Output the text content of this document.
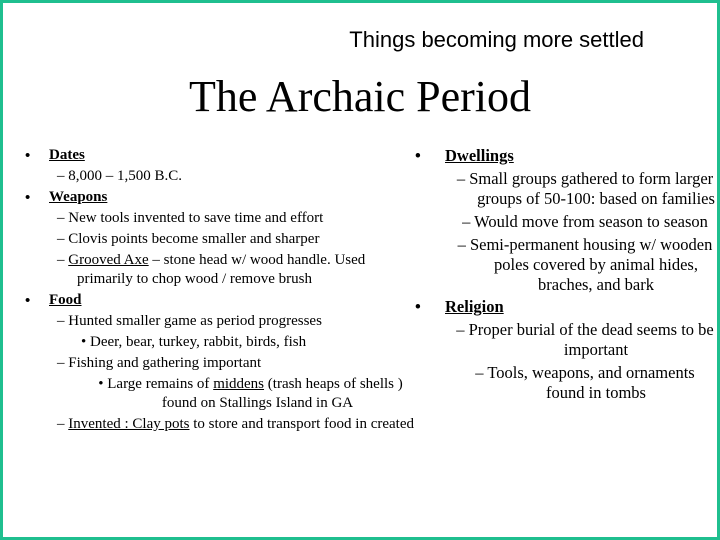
Things becoming more settled
The Archaic Period
• Dates
– 8,000 – 1,500 B.C.
• Weapons
– New tools invented to save time and effort
– Clovis points become smaller and sharper
– Grooved Axe – stone head w/ wood handle. Used primarily to chop wood / remove brush
• Food
– Hunted smaller game as period progresses
• Deer, bear, turkey, rabbit, birds, fish
– Fishing and gathering important
• Large remains of middens (trash heaps of shells ) found on Stallings Island in GA
– Invented : Clay pots to store and transport food in created
• Dwellings
– Small groups gathered to form larger groups of 50-100: based on families
– Would move from season to season
– Semi-permanent housing w/ wooden poles covered by animal hides, braches, and bark
• Religion
– Proper burial of the dead seems to be important
– Tools, weapons, and ornaments found in tombs
